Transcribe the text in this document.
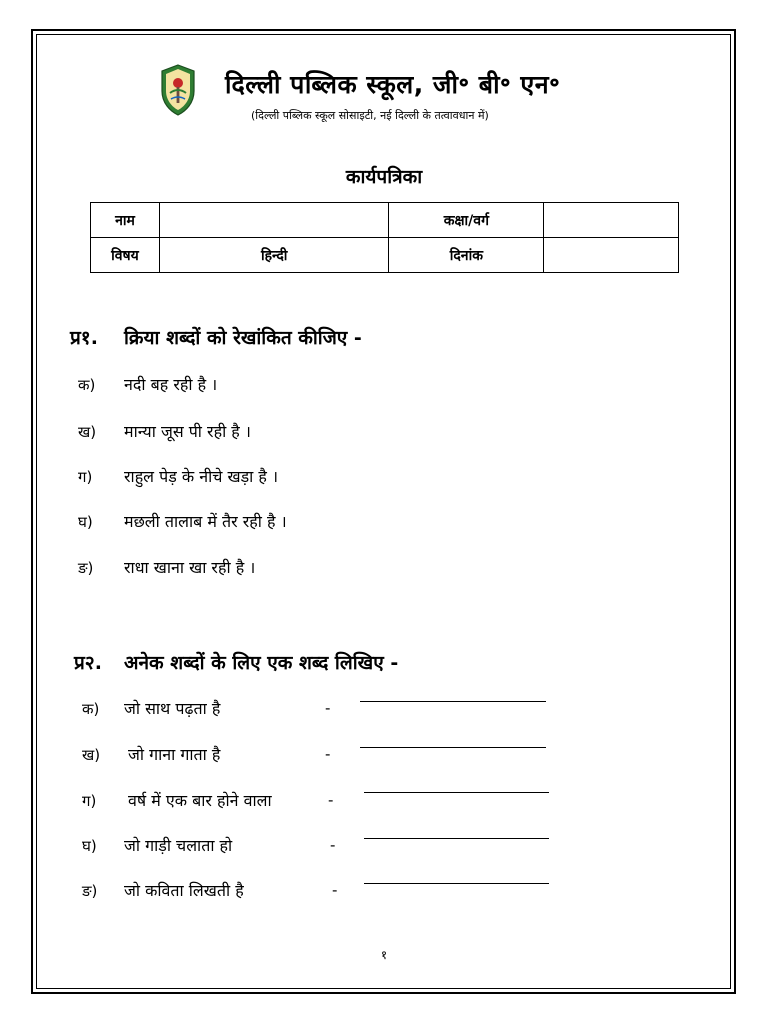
दिल्ली पब्लिक स्कूल, जी॰ बी॰ एन॰
(दिल्ली पब्लिक स्कूल सोसाइटी, नई दिल्ली के तत्वावधान में)
कार्यपत्रिका
नाम		कक्षा/वर्ग	
विषय	हिन्दी	दिनांक	
प्र१. क्रिया शब्दों को रेखांकित कीजिए -
क) नदी बह रही है ।
ख) मान्या जूस पी रही है ।
ग) राहुल पेड़ के नीचे खड़ा है ।
घ) मछली तालाब में तैर रही है ।
ङ) राधा खाना खा रही है ।
प्र२. अनेक शब्दों के लिए एक शब्द लिखिए -
क) जो साथ पढ़ता है	-
ख) जो गाना गाता है	-
ग) वर्ष में एक बार होने वाला	-
घ) जो गाड़ी चलाता हो	-
ङ) जो कविता लिखती है	-
१
